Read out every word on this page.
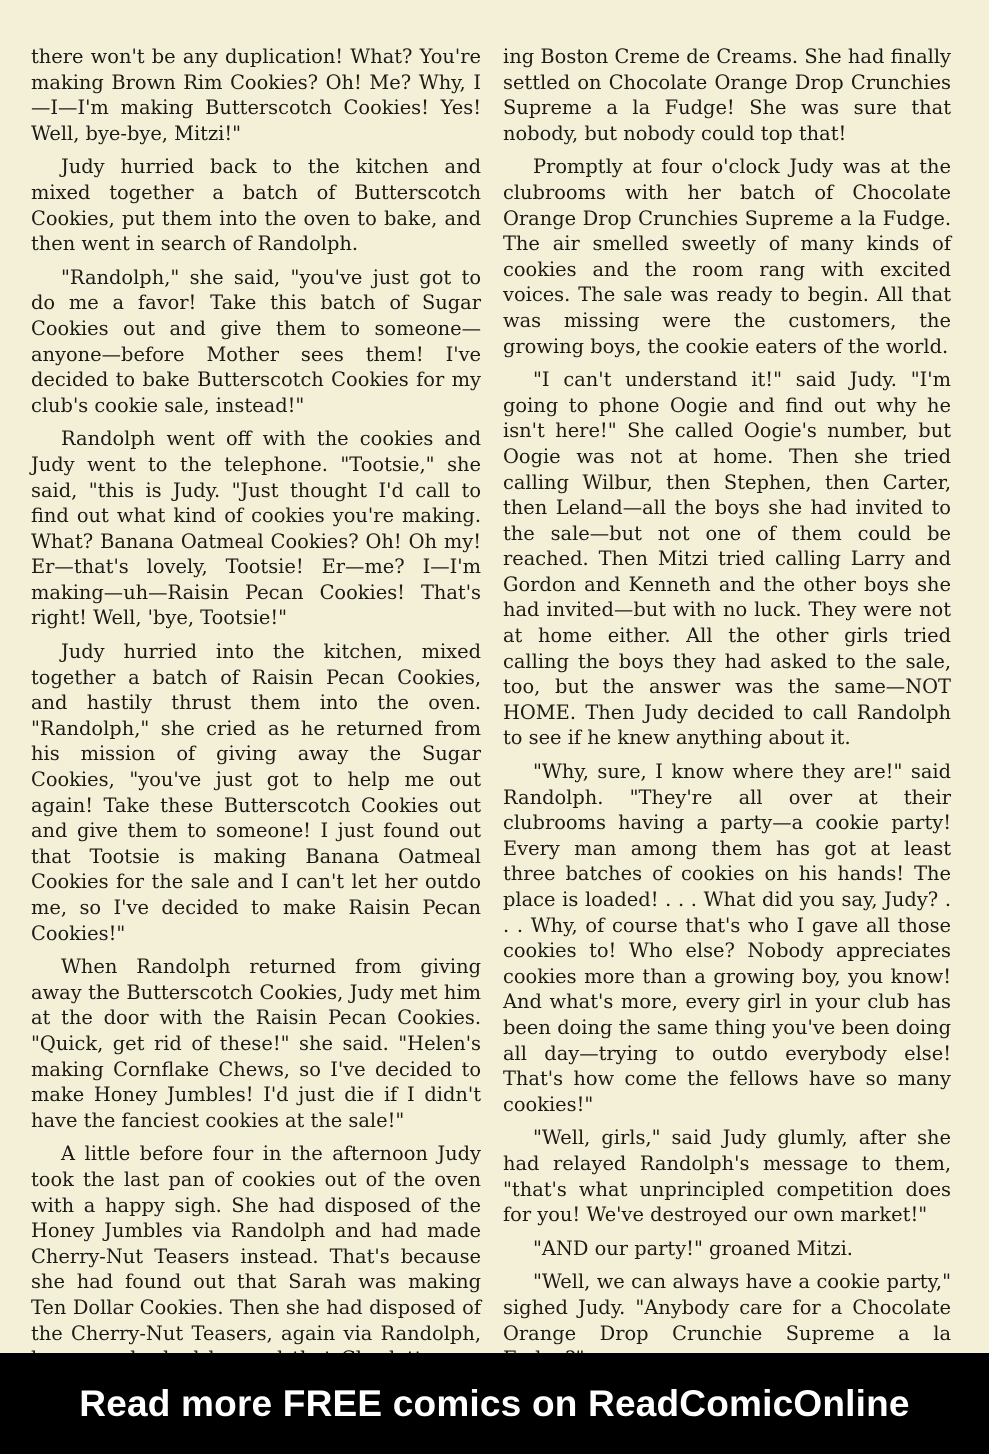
there won't be any duplication! What? You're making Brown Rim Cookies? Oh! Me? Why, I—I—I'm making Butterscotch Cookies! Yes! Well, bye-bye, Mitzi!"

Judy hurried back to the kitchen and mixed together a batch of Butterscotch Cookies, put them into the oven to bake, and then went in search of Randolph.

"Randolph," she said, "you've just got to do me a favor! Take this batch of Sugar Cookies out and give them to someone—anyone—before Mother sees them! I've decided to bake Butterscotch Cookies for my club's cookie sale, instead!"

Randolph went off with the cookies and Judy went to the telephone. "Tootsie," she said, "this is Judy. "Just thought I'd call to find out what kind of cookies you're making. What? Banana Oatmeal Cookies? Oh! Oh my! Er—that's lovely, Tootsie! Er—me? I—I'm making—uh—Raisin Pecan Cookies! That's right! Well, 'bye, Tootsie!"

Judy hurried into the kitchen, mixed together a batch of Raisin Pecan Cookies, and hastily thrust them into the oven. "Randolph," she cried as he returned from his mission of giving away the Sugar Cookies, "you've just got to help me out again! Take these Butterscotch Cookies out and give them to someone! I just found out that Tootsie is making Banana Oatmeal Cookies for the sale and I can't let her outdo me, so I've decided to make Raisin Pecan Cookies!"

When Randolph returned from giving away the Butterscotch Cookies, Judy met him at the door with the Raisin Pecan Cookies. "Quick, get rid of these!" she said. "Helen's making Cornflake Chews, so I've decided to make Honey Jumbles! I'd just die if I didn't have the fanciest cookies at the sale!"

A little before four in the afternoon Judy took the last pan of cookies out of the oven with a happy sigh. She had disposed of the Honey Jumbles via Randolph and had made Cherry-Nut Teasers instead. That's because she had found out that Sarah was making Ten Dollar Cookies. Then she had disposed of the Cherry-Nut Teasers, again via Randolph,

ing Boston Creme de Creams. She had finally settled on Chocolate Orange Drop Crunchies Supreme a la Fudge! She was sure that nobody, but nobody could top that!

Promptly at four o'clock Judy was at the clubrooms with her batch of Chocolate Orange Drop Crunchies Supreme a la Fudge. The air smelled sweetly of many kinds of cookies and the room rang with excited voices. The sale was ready to begin. All that was missing were the customers, the growing boys, the cookie eaters of the world.

"I can't understand it!" said Judy. "I'm going to phone Oogie and find out why he isn't here!" She called Oogie's number, but Oogie was not at home. Then she tried calling Wilbur, then Stephen, then Carter, then Leland—all the boys she had invited to the sale—but not one of them could be reached. Then Mitzi tried calling Larry and Gordon and Kenneth and the other boys she had invited—but with no luck. They were not at home either. All the other girls tried calling the boys they had asked to the sale, too, but the answer was the same—NOT HOME. Then Judy decided to call Randolph to see if he knew anything about it.

"Why, sure, I know where they are!" said Randolph. "They're all over at their clubrooms having a party—a cookie party! Every man among them has got at least three batches of cookies on his hands! The place is loaded! . . . What did you say, Judy? . . . Why, of course that's who I gave all those cookies to! Who else? Nobody appreciates cookies more than a growing boy, you know! And what's more, every girl in your club has been doing the same thing you've been doing all day—trying to outdo everybody else! That's how come the fellows have so many cookies!"

"Well, girls," said Judy glumly, after she had relayed Randolph's message to them, "that's what unprincipled competition does for you! We've destroyed our own market!"

"AND our party!" groaned Mitzi.

"Well, we can always have a cookie party," sighed Judy. "Anybody care for a Chocolate Orange Drop Crunchie Supreme a la

Read more FREE comics on ReadComicOnline
